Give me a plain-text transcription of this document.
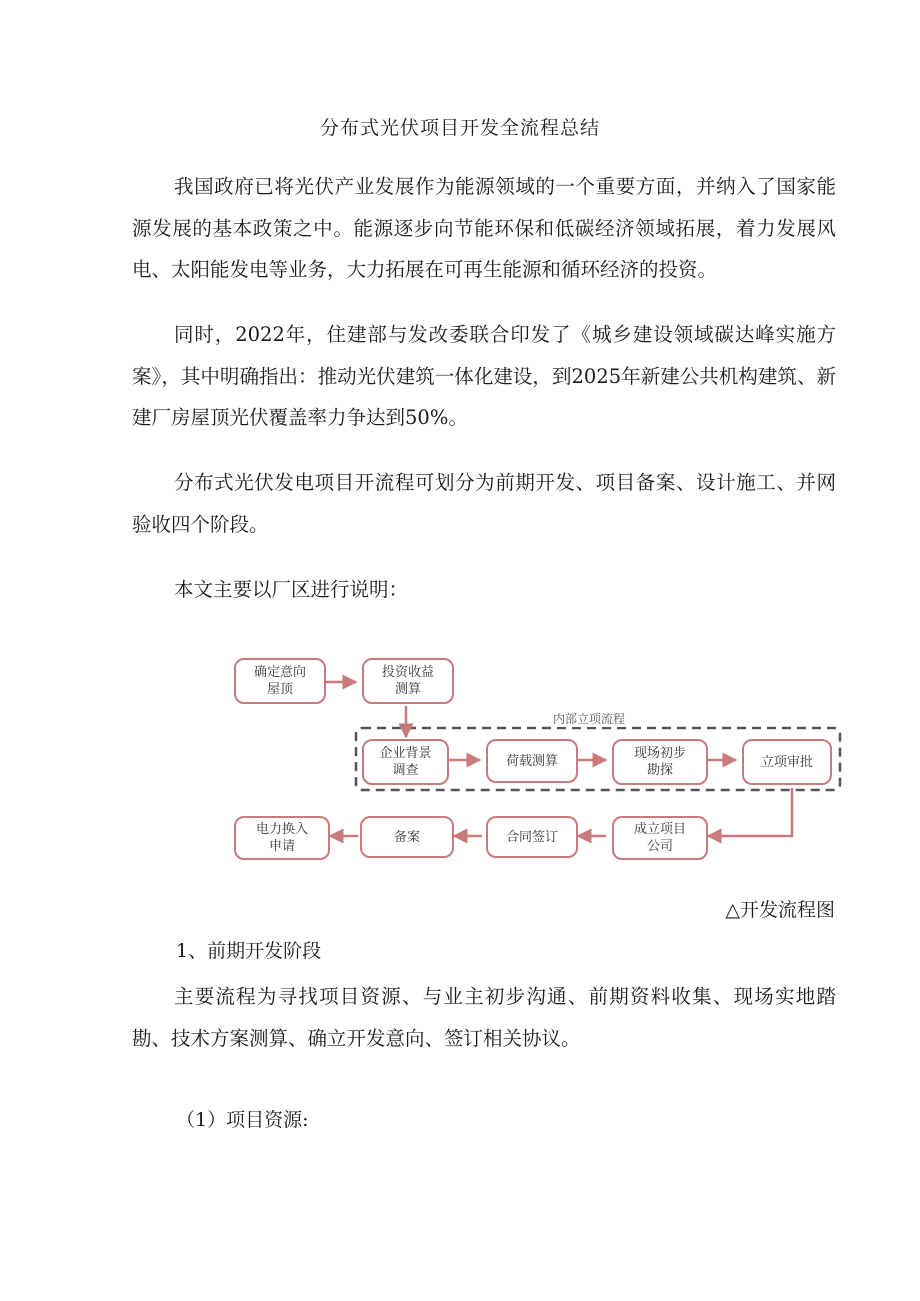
分布式光伏项目开发全流程总结

我国政府已将光伏产业发展作为能源领域的一个重要方面，并纳入了国家能源发展的基本政策之中。能源逐步向节能环保和低碳经济领域拓展，着力发展风电、太阳能发电等业务，大力拓展在可再生能源和循环经济的投资。

同时，2022年，住建部与发改委联合印发了《城乡建设领域碳达峰实施方案》，其中明确指出：推动光伏建筑一体化建设，到2025年新建公共机构建筑、新建厂房屋顶光伏覆盖率力争达到50%。

分布式光伏发电项目开流程可划分为前期开发、项目备案、设计施工、并网验收四个阶段。

本文主要以厂区进行说明：

内部立项流程
确定意向
屋顶
投资收益
测算
企业背景
调查
荷载测算	现场初步
勘探
立项审批
成立项目
公司
合同签订
备案
电力换入
申请
△开发流程图
1、前期开发阶段

主要流程为寻找项目资源、与业主初步沟通、前期资料收集、现场实地踏勘、技术方案测算、确立开发意向、签订相关协议。

（1）项目资源:
